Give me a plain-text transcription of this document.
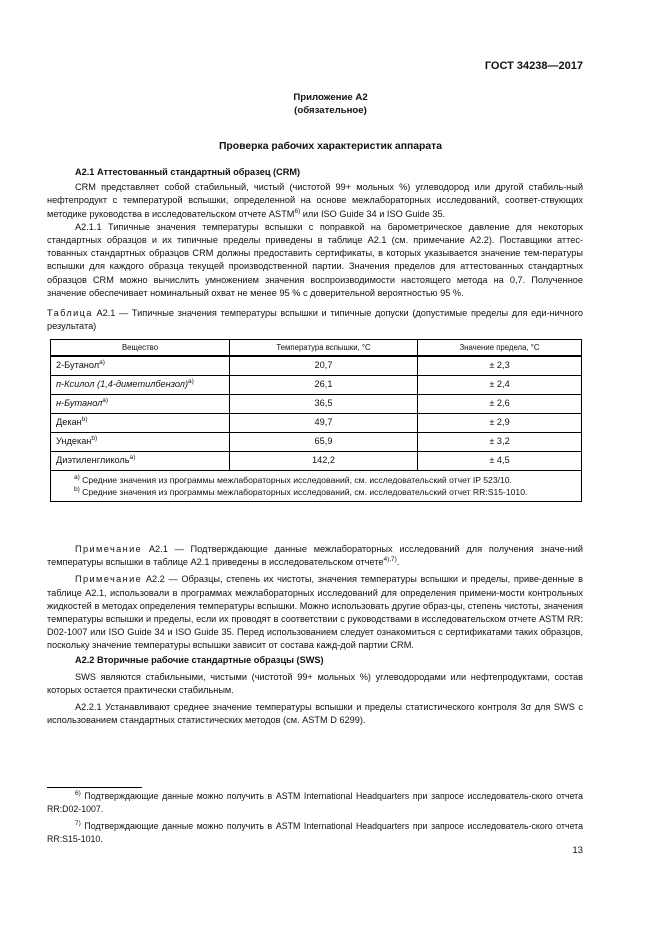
ГОСТ 34238—2017
Приложение А2
(обязательное)
Проверка рабочих характеристик аппарата

А2.1 Аттестованный стандартный образец (CRM)

CRM представляет собой стабильный, чистый (чистотой 99+ мольных %) углеводород или другой стабиль-ный нефтепродукт с температурой вспышки, определенной на основе межлабораторных исследований, соответ-ствующих методике руководства в исследовательском отчете ASTM$^{6)}$ или ISO Guide 34 и ISO Guide 35.

А2.1.1 Типичные значения температуры вспышки с поправкой на барометрическое давление для некоторых стандартных образцов и их типичные пределы приведены в таблице А2.1 (см. примечание А2.2). Поставщики аттес-тованных стандартных образцов CRM должны предоставить сертификаты, в которых указывается значение тем-пературы вспышки для каждого образца текущей производственной партии. Значения пределов для аттестованных стандартных образцов CRM можно вычислить умножением значения воспроизводимости настоящего метода на 0,7. Полученное значение обеспечивает номинальный охват не менее 95 % с доверительной вероятностью 95 %.

Таблица А2.1 — Типичные значения температуры вспышки и типичные допуски (допустимые пределы для еди-ничного результата)

Вещество	Температура вспышки, °С	Значение предела, °С
2-Бутанол$^{а)}$	20,7	± 2,3
п-Ксилол (1,4-диметилбензол)$^{а)}$	26,1	± 2,4
н-Бутанол$^{а)}$	36,5	± 2,6
Декан$^{b)}$	49,7	± 2,9
Ундекан$^{b)}$	65,9	± 3,2
Диэтиленгликоль$^{а)}$	142,2	± 4,5

$^{а)}$ Средние значения из программы межлабораторных исследований, см. исследовательский отчет IP 523/10.
$^{b)}$ Средние значения из программы межлабораторных исследований, см. исследовательский отчет RR:S15-1010.		

Примечание А2.1 — Подтверждающие данные межлабораторных исследований для получения значе-ний температуры вспышки в таблице А2.1 приведены в исследовательском отчете$^{4),7)}$.

Примечание А2.2 — Образцы, степень их чистоты, значения температуры вспышки и пределы, приве-денные в таблице А2.1, использовали в программах межлабораторных исследований для определения примени-мости контрольных жидкостей в методах определения температуры вспышки. Можно использовать другие образ-цы, степень чистоты, значения температуры вспышки и пределы, если их проводят в соответствии с руководствами в исследовательском отчете ASTM RR: D02-1007 или ISO Guide 34 и ISO Guide 35. Перед использованием следует ознакомиться с сертификатами таких образцов, поскольку значение температуры вспышки зависит от состава кажд-дой партии CRM.

А2.2 Вторичные рабочие стандартные образцы (SWS)

SWS являются стабильными, чистыми (чистотой 99+ мольных %) углеводородами или нефтепродуктами, состав которых остается практически стабильным.

А2.2.1 Устанавливают среднее значение температуры вспышки и пределы статистического контроля 3σ для SWS с использованием стандартных статистических методов (см. ASTM D 6299).

$^{6)}$ Подтверждающие данные можно получить в ASTM International Headquarters при запросе исследователь-ского отчета RR:D02-1007.

$^{7)}$ Подтверждающие данные можно получить в ASTM International Headquarters при запросе исследователь-ского отчета RR:S15-1010.

13
